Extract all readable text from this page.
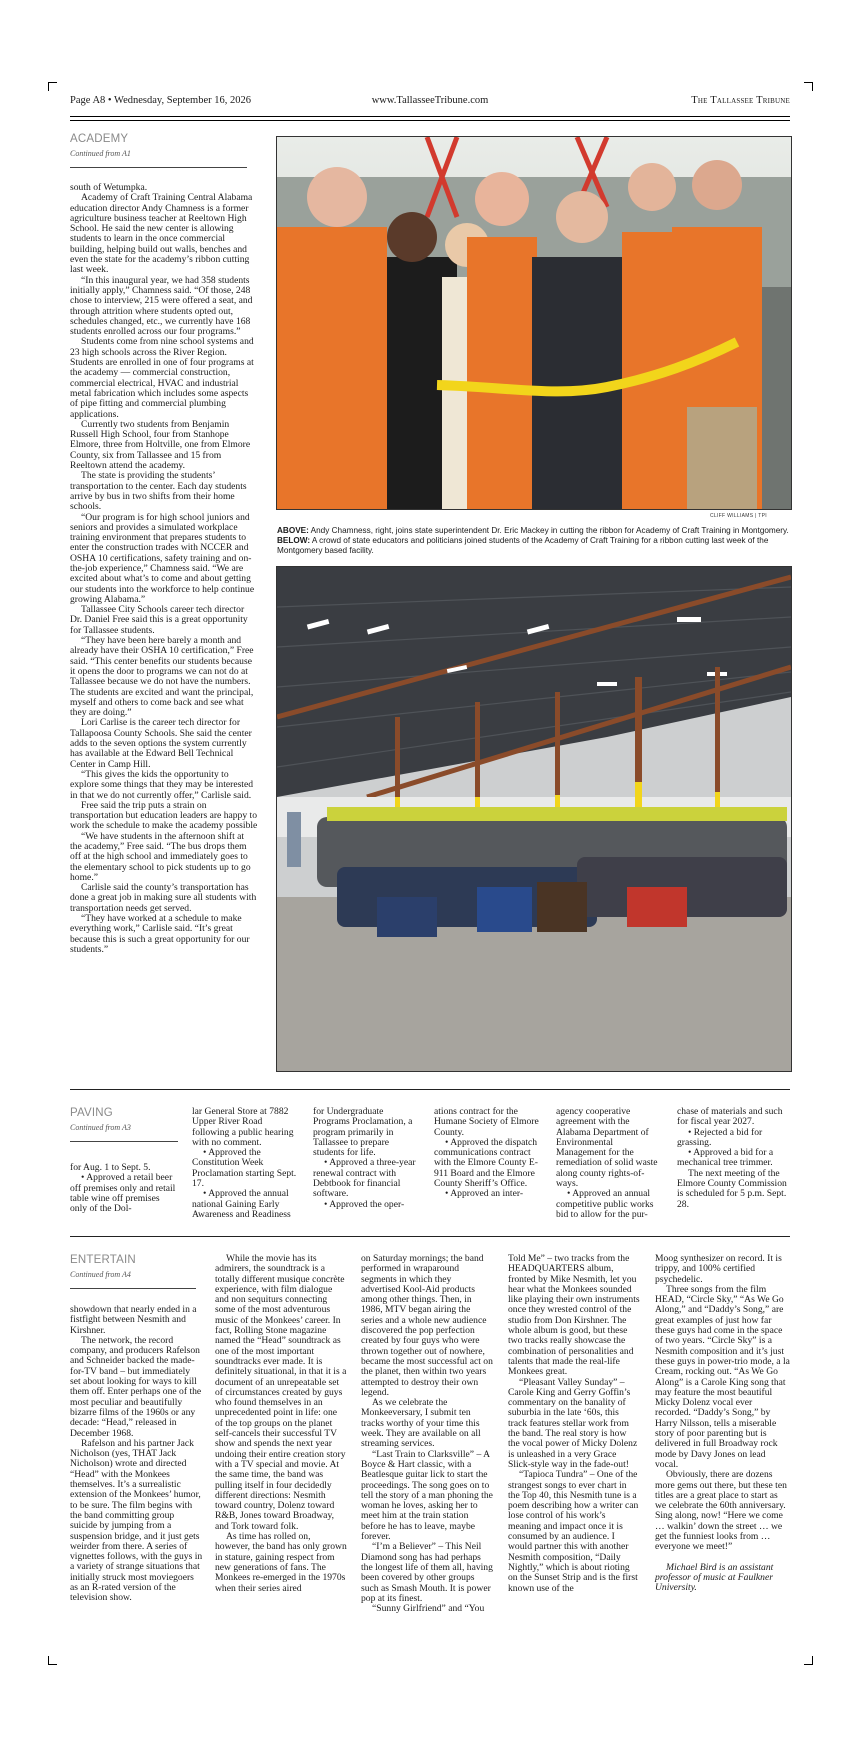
Page A8 • Wednesday, September 16, 2026	www.TallasseeTribune.com	The Tallassee Tribune
ACADEMY
Continued from A1

south of Wetumpka.

Academy of Craft Training Central Alabama education director Andy Chamness is a former agriculture business teacher at Reeltown High School. He said the new center is allowing students to learn in the once commercial building, helping build out walls, benches and even the state for the academy’s ribbon cutting last week.

“In this inaugural year, we had 358 students initially apply,” Chamness said. “Of those, 248 chose to interview, 215 were offered a seat, and through attrition where students opted out, schedules changed, etc., we currently have 168 students enrolled across our four programs.”

Students come from nine school systems and 23 high schools across the River Region. Students are enrolled in one of four programs at the academy — commercial construction, commercial electrical, HVAC and industrial metal fabrication which includes some aspects of pipe fitting and commercial plumbing applications.

Currently two students from Benjamin Russell High School, four from Stanhope Elmore, three from Holtville, one from Elmore County, six from Tallassee and 15 from Reeltown attend the academy.

The state is providing the students’ transportation to the center. Each day students arrive by bus in two shifts from their home schools.

“Our program is for high school juniors and seniors and provides a simulated workplace training environment that prepares students to enter the construction trades with NCCER and OSHA 10 certifications, safety training and on-the-job experience,” Chamness said. “We are excited about what’s to come and about getting our students into the workforce to help continue growing Alabama.”

Tallassee City Schools career tech director Dr. Daniel Free said this is a great opportunity for Tallassee students.

“They have been here barely a month and already have their OSHA 10 certification,” Free said. “This center benefits our students because it opens the door to programs we can not do at Tallassee because we do not have the numbers. The students are excited and want the principal, myself and others to come back and see what they are doing.”

Lori Carlise is the career tech director for Tallapoosa County Schools. She said the center adds to the seven options the system currently has available at the Edward Bell Technical Center in Camp Hill.

“This gives the kids the opportunity to explore some things that they may be interested in that we do not currently offer,” Carlisle said.

Free said the trip puts a strain on transportation but education leaders are happy to work the schedule to make the academy possible

“We have students in the afternoon shift at the academy,” Free said. “The bus drops them off at the high school and immediately goes to the elementary school to pick students up to go home.”

Carlisle said the county’s transportation has done a great job in making sure all students with transportation needs get served.

“They have worked at a schedule to make everything work,” Carlisle said. “It’s great because this is such a great opportunity for our students.”

CLIFF WILLIAMS | TPI
ABOVE: Andy Chamness, right, joins state superintendent Dr. Eric Mackey in cutting the ribbon for Academy of Craft Training in Montgomery. BELOW: A crowd of state educators and politicians joined students of the Academy of Craft Training for a ribbon cutting last week of the Montgomery based facility.
PAVING
Continued from A3

for Aug. 1 to Sept. 5.

• Approved a retail beer off premises only and retail table wine off premises only of the Dol-

lar General Store at 7882 Upper River Road following a public hearing with no comment.

• Approved the Constitution Week Proclamation starting Sept. 17.

• Approved the annual national Gaining Early Awareness and Readiness

for Undergraduate Programs Proclamation, a program primarily in Tallassee to prepare students for life.

• Approved a three-year renewal contract with Debtbook for financial software.

• Approved the oper-

ations contract for the Humane Society of Elmore County.

• Approved the dispatch communications contract with the Elmore County E-911 Board and the Elmore County Sheriff’s Office.

• Approved an inter-

agency cooperative agreement with the Alabama Department of Environmental Management for the remediation of solid waste along county rights-of-ways.

• Approved an annual competitive public works bid to allow for the pur-

chase of materials and such for fiscal year 2027.

• Rejected a bid for grassing.

• Approved a bid for a mechanical tree trimmer.

The next meeting of the Elmore County Commission is scheduled for 5 p.m. Sept. 28.

ENTERTAIN
Continued from A4

showdown that nearly ended in a fistfight between Nesmith and Kirshner.

The network, the record company, and producers Rafelson and Schneider backed the made-for-TV band – but immediately set about looking for ways to kill them off. Enter perhaps one of the most peculiar and beautifully bizarre films of the 1960s or any decade: “Head,” released in December 1968.

Rafelson and his partner Jack Nicholson (yes, THAT Jack Nicholson) wrote and directed “Head” with the Monkees themselves. It’s a surrealistic extension of the Monkees’ humor, to be sure. The film begins with the band committing group suicide by jumping from a suspension bridge, and it just gets weirder from there. A series of vignettes follows, with the guys in a variety of strange situations that initially struck most moviegoers as an R-rated version of the television show.

While the movie has its admirers, the soundtrack is a totally different musique concrète experience, with film dialogue and non sequiturs connecting some of the most adventurous music of the Monkees’ career. In fact, Rolling Stone magazine named the “Head” soundtrack as one of the most important soundtracks ever made. It is definitely situational, in that it is a document of an unrepeatable set of circumstances created by guys who found themselves in an unprecedented point in life: one of the top groups on the planet self-cancels their successful TV show and spends the next year undoing their entire creation story with a TV special and movie. At the same time, the band was pulling itself in four decidedly different directions: Nesmith toward country, Dolenz toward R&B, Jones toward Broadway, and Tork toward folk.

As time has rolled on, however, the band has only grown in stature, gaining respect from new generations of fans. The Monkees re-emerged in the 1970s when their series aired

on Saturday mornings; the band performed in wraparound segments in which they advertised Kool-Aid products among other things. Then, in 1986, MTV began airing the series and a whole new audience discovered the pop perfection created by four guys who were thrown together out of nowhere, became the most successful act on the planet, then within two years attempted to destroy their own legend.

As we celebrate the Monkeeversary, I submit ten tracks worthy of your time this week. They are available on all streaming services.

“Last Train to Clarksville” – A Boyce & Hart classic, with a Beatlesque guitar lick to start the proceedings. The song goes on to tell the story of a man phoning the woman he loves, asking her to meet him at the train station before he has to leave, maybe forever.

“I’m a Believer” – This Neil Diamond song has had perhaps the longest life of them all, having been covered by other groups such as Smash Mouth. It is power pop at its finest.

“Sunny Girlfriend” and “You

Told Me” – two tracks from the HEADQUARTERS album, fronted by Mike Nesmith, let you hear what the Monkees sounded like playing their own instruments once they wrested control of the studio from Don Kirshner. The whole album is good, but these two tracks really showcase the combination of personalities and talents that made the real-life Monkees great.

“Pleasant Valley Sunday” – Carole King and Gerry Goffin’s commentary on the banality of suburbia in the late ‘60s, this track features stellar work from the band. The real story is how the vocal power of Micky Dolenz is unleashed in a very Grace Slick-style way in the fade-out!

“Tapioca Tundra” – One of the strangest songs to ever chart in the Top 40, this Nesmith tune is a poem describing how a writer can lose control of his work’s meaning and impact once it is consumed by an audience. I would partner this with another Nesmith composition, “Daily Nightly,” which is about rioting on the Sunset Strip and is the first known use of the

Moog synthesizer on record. It is trippy, and 100% certified psychedelic.

Three songs from the film HEAD, “Circle Sky,” “As We Go Along,” and “Daddy’s Song,” are great examples of just how far these guys had come in the space of two years. “Circle Sky” is a Nesmith composition and it’s just these guys in power-trio mode, a la Cream, rocking out. “As We Go Along” is a Carole King song that may feature the most beautiful Micky Dolenz vocal ever recorded. “Daddy’s Song,” by Harry Nilsson, tells a miserable story of poor parenting but is delivered in full Broadway rock mode by Davy Jones on lead vocal.

Obviously, there are dozens more gems out there, but these ten titles are a great place to start as we celebrate the 60th anniversary. Sing along, now! “Here we come … walkin’ down the street … we get the funniest looks from … everyone we meet!”

Michael Bird is an assistant professor of music at Faulkner University.
